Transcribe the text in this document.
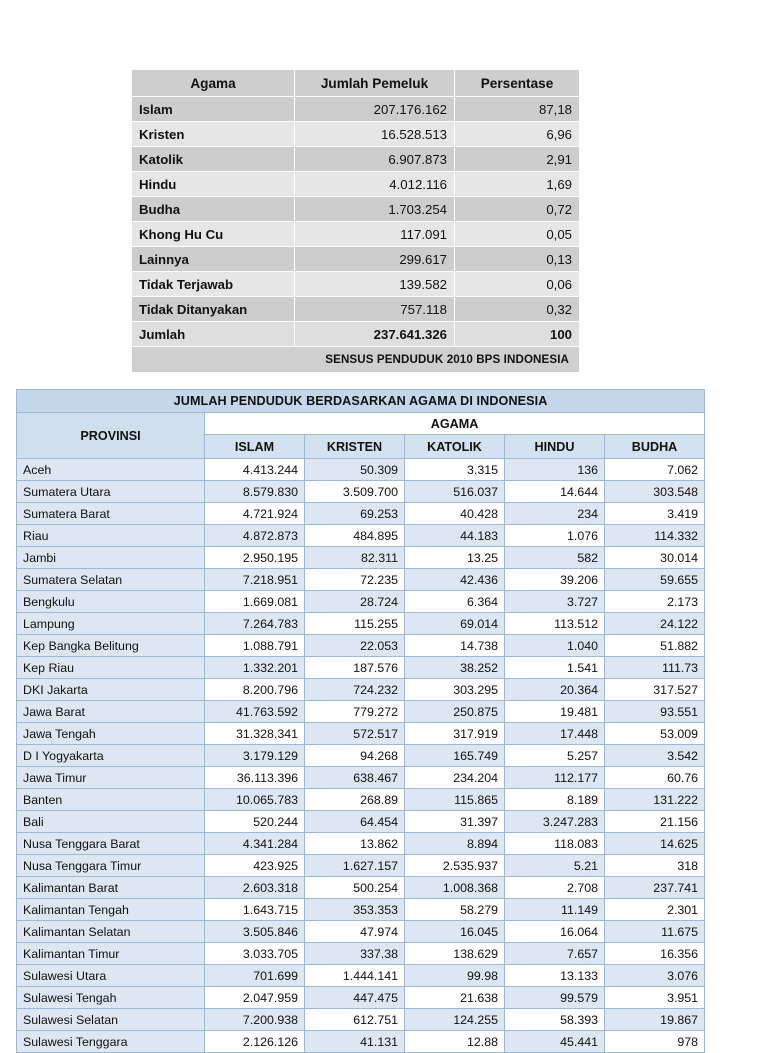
Agama	Jumlah Pemeluk	Persentase
Islam	207.176.162	87,18
Kristen	16.528.513	6,96
Katolik	6.907.873	2,91
Hindu	4.012.116	1,69
Budha	1.703.254	0,72
Khong Hu Cu	117.091	0,05
Lainnya	299.617	0,13
Tidak Terjawab	139.582	0,06
Tidak Ditanyakan	757.118	0,32
Jumlah	237.641.326	100
SENSUS PENDUDUK 2010 BPS INDONESIA		
JUMLAH PENDUDUK BERDASARKAN AGAMA DI INDONESIA					
PROVINSI	AGAMA				
	ISLAM	KRISTEN	KATOLIK	HINDU	BUDHA
Aceh	4.413.244	50.309	3.315	136	7.062
Sumatera Utara	8.579.830	3.509.700	516.037	14.644	303.548
Sumatera Barat	4.721.924	69.253	40.428	234	3.419
Riau	4.872.873	484.895	44.183	1.076	114.332
Jambi	2.950.195	82.311	13.25	582	30.014
Sumatera Selatan	7.218.951	72.235	42.436	39.206	59.655
Bengkulu	1.669.081	28.724	6.364	3.727	2.173
Lampung	7.264.783	115.255	69.014	113.512	24.122
Kep Bangka Belitung	1.088.791	22.053	14.738	1.040	51.882
Kep Riau	1.332.201	187.576	38.252	1.541	111.73
DKI Jakarta	8.200.796	724.232	303.295	20.364	317.527
Jawa Barat	41.763.592	779.272	250.875	19.481	93.551
Jawa Tengah	31.328.341	572.517	317.919	17.448	53.009
D I Yogyakarta	3.179.129	94.268	165.749	5.257	3.542
Jawa Timur	36.113.396	638.467	234.204	112.177	60.76
Banten	10.065.783	268.89	115.865	8.189	131.222
Bali	520.244	64.454	31.397	3.247.283	21.156
Nusa Tenggara Barat	4.341.284	13.862	8.894	118.083	14.625
Nusa Tenggara Timur	423.925	1.627.157	2.535.937	5.21	318
Kalimantan Barat	2.603.318	500.254	1.008.368	2.708	237.741
Kalimantan Tengah	1.643.715	353.353	58.279	11.149	2.301
Kalimantan Selatan	3.505.846	47.974	16.045	16.064	11.675
Kalimantan Timur	3.033.705	337.38	138.629	7.657	16.356
Sulawesi Utara	701.699	1.444.141	99.98	13.133	3.076
Sulawesi Tengah	2.047.959	447.475	21.638	99.579	3.951
Sulawesi Selatan	7.200.938	612.751	124.255	58.393	19.867
Sulawesi Tenggara	2.126.126	41.131	12.88	45.441	978
